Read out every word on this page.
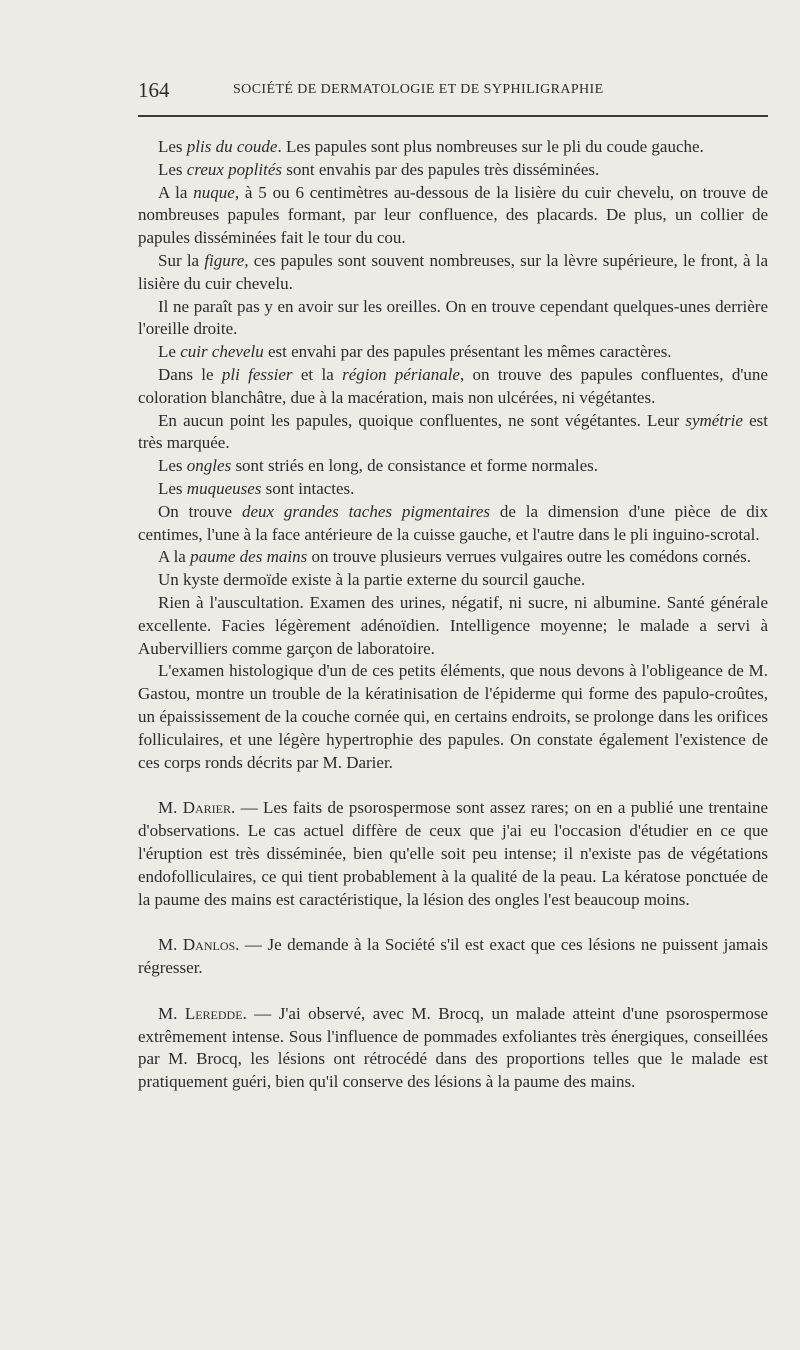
164	SOCIÉTÉ DE DERMATOLOGIE ET DE SYPHILIGRAPHIE

Les plis du coude. Les papules sont plus nombreuses sur le pli du coude gauche.

Les creux poplités sont envahis par des papules très disséminées.

A la nuque, à 5 ou 6 centimètres au-dessous de la lisière du cuir chevelu, on trouve de nombreuses papules formant, par leur confluence, des placards. De plus, un collier de papules disséminées fait le tour du cou.

Sur la figure, ces papules sont souvent nombreuses, sur la lèvre supérieure, le front, à la lisière du cuir chevelu.

Il ne paraît pas y en avoir sur les oreilles. On en trouve cependant quelques-unes derrière l'oreille droite.

Le cuir chevelu est envahi par des papules présentant les mêmes caractères.

Dans le pli fessier et la région périanale, on trouve des papules confluentes, d'une coloration blanchâtre, due à la macération, mais non ulcérées, ni végétantes.

En aucun point les papules, quoique confluentes, ne sont végétantes. Leur symétrie est très marquée.

Les ongles sont striés en long, de consistance et forme normales.

Les muqueuses sont intactes.

On trouve deux grandes taches pigmentaires de la dimension d'une pièce de dix centimes, l'une à la face antérieure de la cuisse gauche, et l'autre dans le pli inguino-scrotal.

A la paume des mains on trouve plusieurs verrues vulgaires outre les comédons cornés.

Un kyste dermoïde existe à la partie externe du sourcil gauche.

Rien à l'auscultation. Examen des urines, négatif, ni sucre, ni albumine. Santé générale excellente. Facies légèrement adénoïdien. Intelligence moyenne; le malade a servi à Aubervilliers comme garçon de laboratoire.

L'examen histologique d'un de ces petits éléments, que nous devons à l'obligeance de M. Gastou, montre un trouble de la kératinisation de l'épiderme qui forme des papulo-croûtes, un épaississement de la couche cornée qui, en certains endroits, se prolonge dans les orifices folliculaires, et une légère hypertrophie des papules. On constate également l'existence de ces corps ronds décrits par M. Darier.

M. Darier. — Les faits de psorospermose sont assez rares; on en a publié une trentaine d'observations. Le cas actuel diffère de ceux que j'ai eu l'occasion d'étudier en ce que l'éruption est très disséminée, bien qu'elle soit peu intense; il n'existe pas de végétations endofolliculaires, ce qui tient probablement à la qualité de la peau. La kératose ponctuée de la paume des mains est caractéristique, la lésion des ongles l'est beaucoup moins.

M. Danlos. — Je demande à la Société s'il est exact que ces lésions ne puissent jamais régresser.

M. Leredde. — J'ai observé, avec M. Brocq, un malade atteint d'une psorospermose extrêmement intense. Sous l'influence de pommades exfoliantes très énergiques, conseillées par M. Brocq, les lésions ont rétrocédé dans des proportions telles que le malade est pratiquement guéri, bien qu'il conserve des lésions à la paume des mains.
